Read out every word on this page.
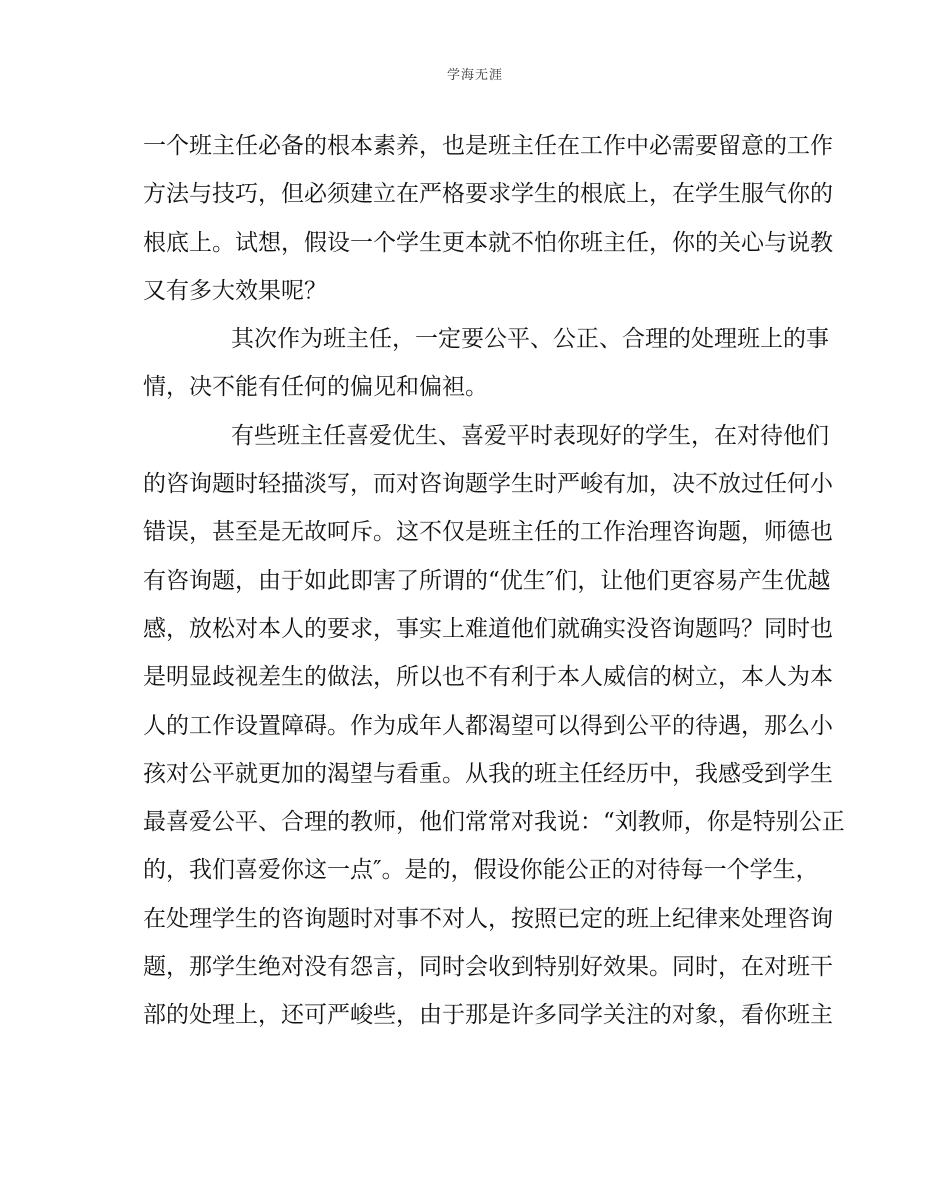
学海无涯
一个班主任必备的根本素养，也是班主任在工作中必需要留意的工作
方法与技巧，但必须建立在严格要求学生的根底上，在学生服气你的
根底上。试想，假设一个学生更本就不怕你班主任，你的关心与说教
又有多大效果呢？
其次作为班主任，一定要公平、公正、合理的处理班上的事
情，决不能有任何的偏见和偏袒。
有些班主任喜爱优生、喜爱平时表现好的学生，在对待他们
的咨询题时轻描淡写，而对咨询题学生时严峻有加，决不放过任何小
错误，甚至是无故呵斥。这不仅是班主任的工作治理咨询题，师德也
有咨询题，由于如此即害了所谓的“优生″们，让他们更容易产生优越
感，放松对本人的要求，事实上难道他们就确实没咨询题吗？同时也
是明显歧视差生的做法，所以也不有利于本人威信的树立，本人为本
人的工作设置障碍。作为成年人都渴望可以得到公平的待遇，那么小
孩对公平就更加的渴望与看重。从我的班主任经历中，我感受到学生
最喜爱公平、合理的教师，他们常常对我说：“刘教师，你是特别公正
的，我们喜爱你这一点″。是的，假设你能公正的对待每一个学生，
在处理学生的咨询题时对事不对人，按照已定的班上纪律来处理咨询
题，那学生绝对没有怨言，同时会收到特别好效果。同时，在对班干
部的处理上，还可严峻些，由于那是许多同学关注的对象，看你班主
